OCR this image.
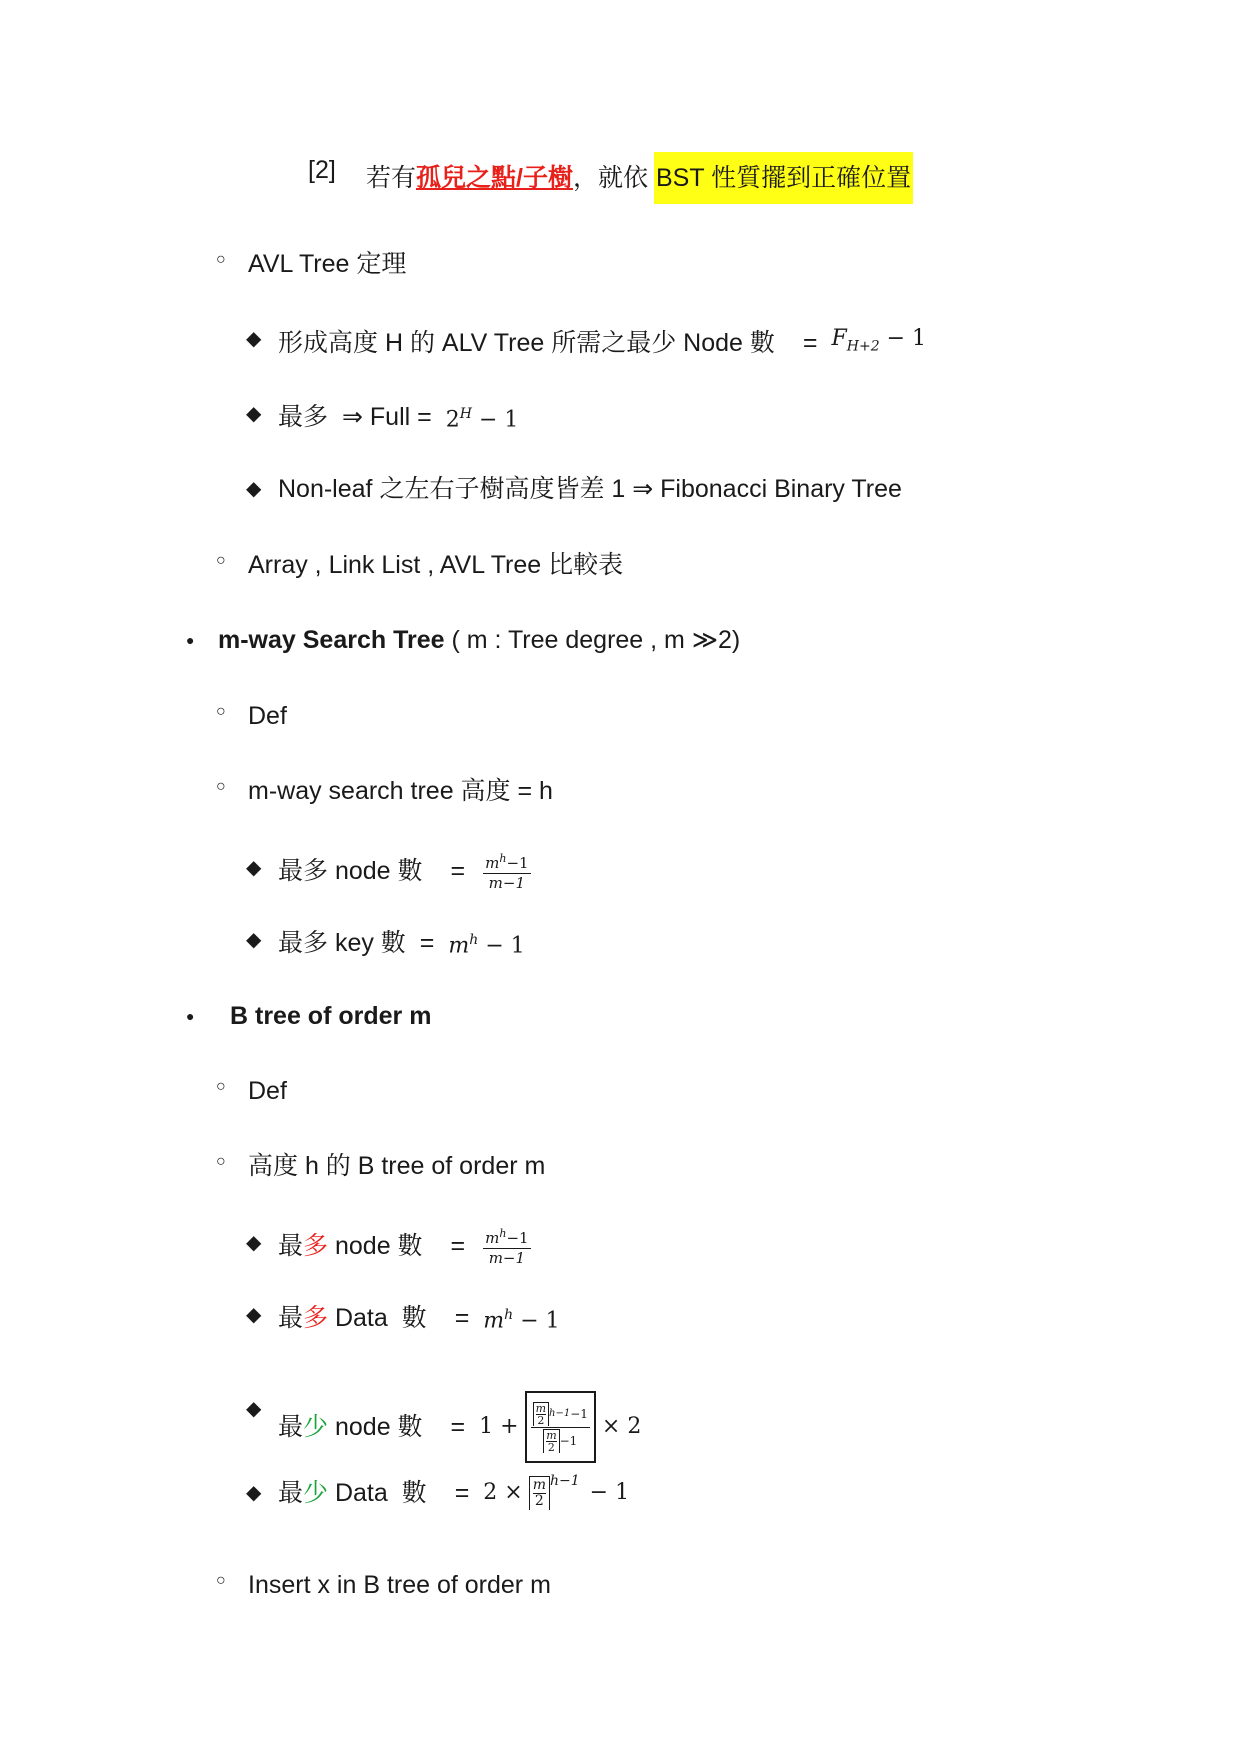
[2] 若有 孤兒之點/子樹 ，就依 BST 性質擺到正確位置
○ AVL Tree 定理
◆ 形成高度 H 的 ALV Tree 所需之最少 Node 數 = $F_{H+2} - 1$
◆ 最多 ⇒ Full = $2^H - 1$
◆ Non-leaf 之左右子樹高度皆差 1 ⇒ Fibonacci Binary Tree
○ Array , Link List , AVL Tree 比較表
● m-way Search Tree ( m : Tree degree , m ≫2)
○ Def
○ m-way search tree 高度 = h
◆ 最多 node 數 = $\frac{m^h-1}{m-1}$
◆ 最多 key 數 = $m^h - 1$
● B tree of order m
○ Def
○ 高度 h 的 B tree of order m
◆ 最 多 node 數 = $\frac{m^h-1}{m-1}$
◆ 最 多 Data  數 = $m^h - 1$
◆
最 少 node 數 = $1 + \frac{\frac{m}{2} h-1 -1}{\frac{m}{2} -1} \times 2$
◆ 最 少 Data  數 = $2 \times \frac{m}{2} ^{h-1} - 1$
○ Insert x in B tree of order m
